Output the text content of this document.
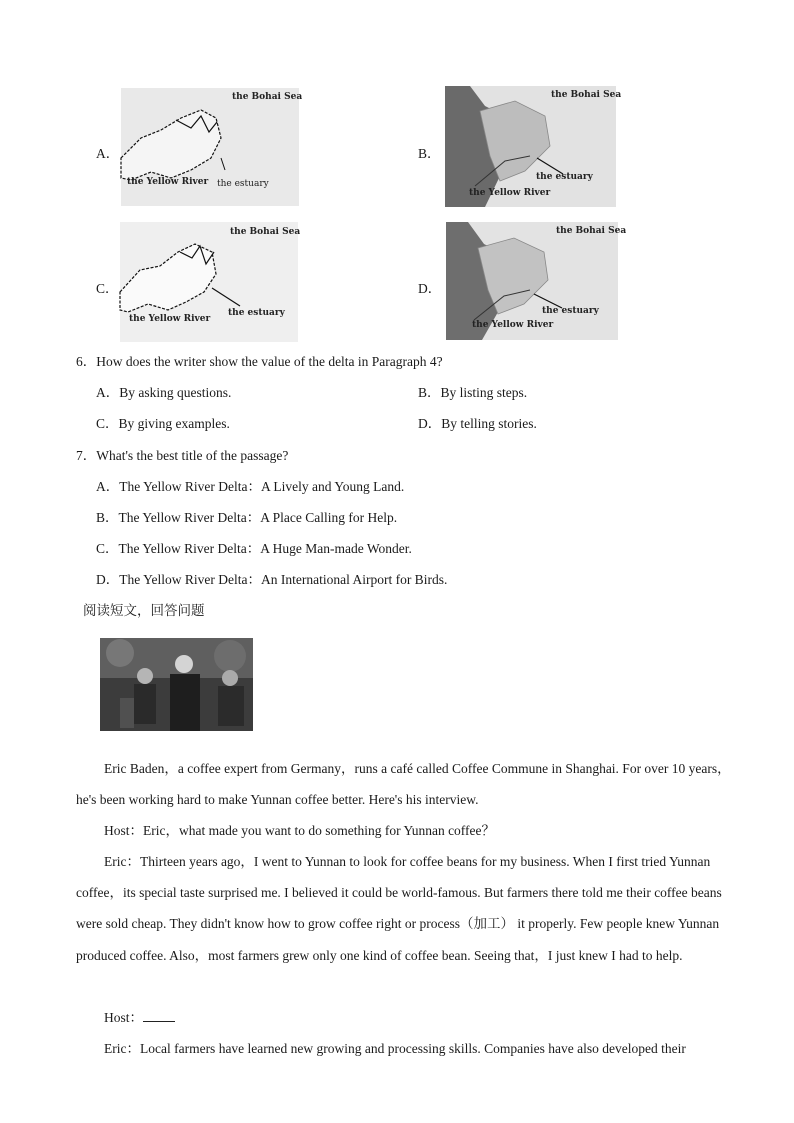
A．
the Bohai Sea
the Yellow River the estuary
B．
the Bohai Sea
the Yellow River
the estuary
C．
the Bohai Sea
the Yellow River
the estuary
D．
the Bohai Sea
the Yellow River
the estuary
6．How does the writer show the value of the delta in Paragraph 4?
A．By asking questions.	B．By listing steps.
C．By giving examples.	D．By telling stories.
7．What's the best title of the passage?
A．The Yellow River Delta：A Lively and Young Land.
B．The Yellow River Delta：A Place Calling for Help.
C．The Yellow River Delta：A Huge Man-made Wonder.
D．The Yellow River Delta：An International Airport for Birds.
阅读短文，回答问题
Eric Baden，a coffee expert from Germany，runs a café called Coffee Commune in Shanghai. For over 10 years，he's been working hard to make Yunnan coffee better. Here's his interview.
Host：Eric，what made you want to do something for Yunnan coffee？
Eric：Thirteen years ago，I went to Yunnan to look for coffee beans for my business. When I first tried Yunnan coffee，its special taste surprised me. I believed it could be world-famous. But farmers there told me their coffee beans were sold cheap. They didn't know how to grow coffee right or process（加工） it properly. Few people knew Yunnan produced coffee. Also，most farmers grew only one kind of coffee bean. Seeing that，I just knew I had to help.
Host：
Eric：Local farmers have learned new growing and processing skills. Companies have also developed their
